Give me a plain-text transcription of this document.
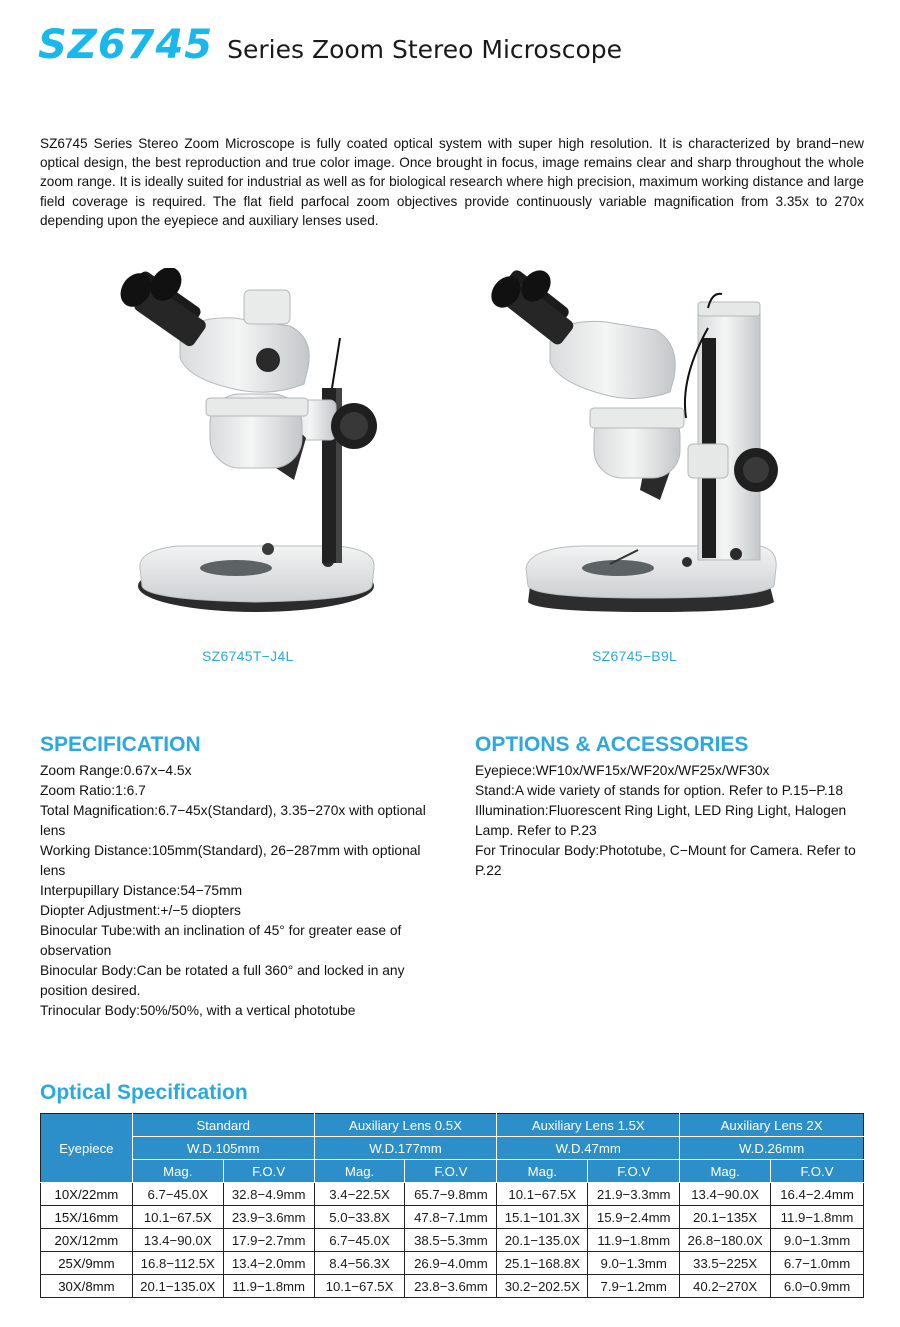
SZ6745 Series Zoom Stereo Microscope

SZ6745 Series Stereo Zoom Microscope is fully coated optical system with super high resolution. It is characterized by brand−new optical design, the best reproduction and true color image. Once brought in focus, image remains clear and sharp throughout the whole zoom range. It is ideally suited for industrial as well as for biological research where high precision, maximum working distance and large field coverage is required. The flat field parfocal zoom objectives provide continuously variable magnification from 3.35x to 270x depending upon the eyepiece and auxiliary lenses used.

SZ6745T−J4L	SZ6745−B9L
SPECIFICATION
Zoom Range:0.67x−4.5x
Zoom Ratio:1:6.7
Total Magnification:6.7−45x(Standard), 3.35−270x with optional lens
Working Distance:105mm(Standard), 26−287mm with optional lens
Interpupillary Distance:54−75mm
Diopter Adjustment:+/−5 diopters
Binocular Tube:with an inclination of 45° for greater ease of observation
Binocular Body:Can be rotated a full 360° and locked in any position desired.
Trinocular Body:50%/50%, with a vertical phototube
OPTIONS & ACCESSORIES
Eyepiece:WF10x/WF15x/WF20x/WF25x/WF30x
Stand:A wide variety of stands for option. Refer to P.15−P.18
Illumination:Fluorescent Ring Light, LED Ring Light, Halogen Lamp. Refer to P.23
For Trinocular Body:Phototube, C−Mount for Camera. Refer to P.22
Optical Specification
Eyepiece	Standard		Auxiliary Lens 0.5X		Auxiliary Lens 1.5X		Auxiliary Lens 2X	
	W.D.105mm		W.D.177mm		W.D.47mm		W.D.26mm	
	Mag.	F.O.V	Mag.	F.O.V	Mag.	F.O.V	Mag.	F.O.V
10X/22mm	6.7−45.0X	32.8−4.9mm	3.4−22.5X	65.7−9.8mm	10.1−67.5X	21.9−3.3mm	13.4−90.0X	16.4−2.4mm
15X/16mm	10.1−67.5X	23.9−3.6mm	5.0−33.8X	47.8−7.1mm	15.1−101.3X	15.9−2.4mm	20.1−135X	11.9−1.8mm
20X/12mm	13.4−90.0X	17.9−2.7mm	6.7−45.0X	38.5−5.3mm	20.1−135.0X	11.9−1.8mm	26.8−180.0X	9.0−1.3mm
25X/9mm	16.8−112.5X	13.4−2.0mm	8.4−56.3X	26.9−4.0mm	25.1−168.8X	9.0−1.3mm	33.5−225X	6.7−1.0mm
30X/8mm	20.1−135.0X	11.9−1.8mm	10.1−67.5X	23.8−3.6mm	30.2−202.5X	7.9−1.2mm	40.2−270X	6.0−0.9mm
